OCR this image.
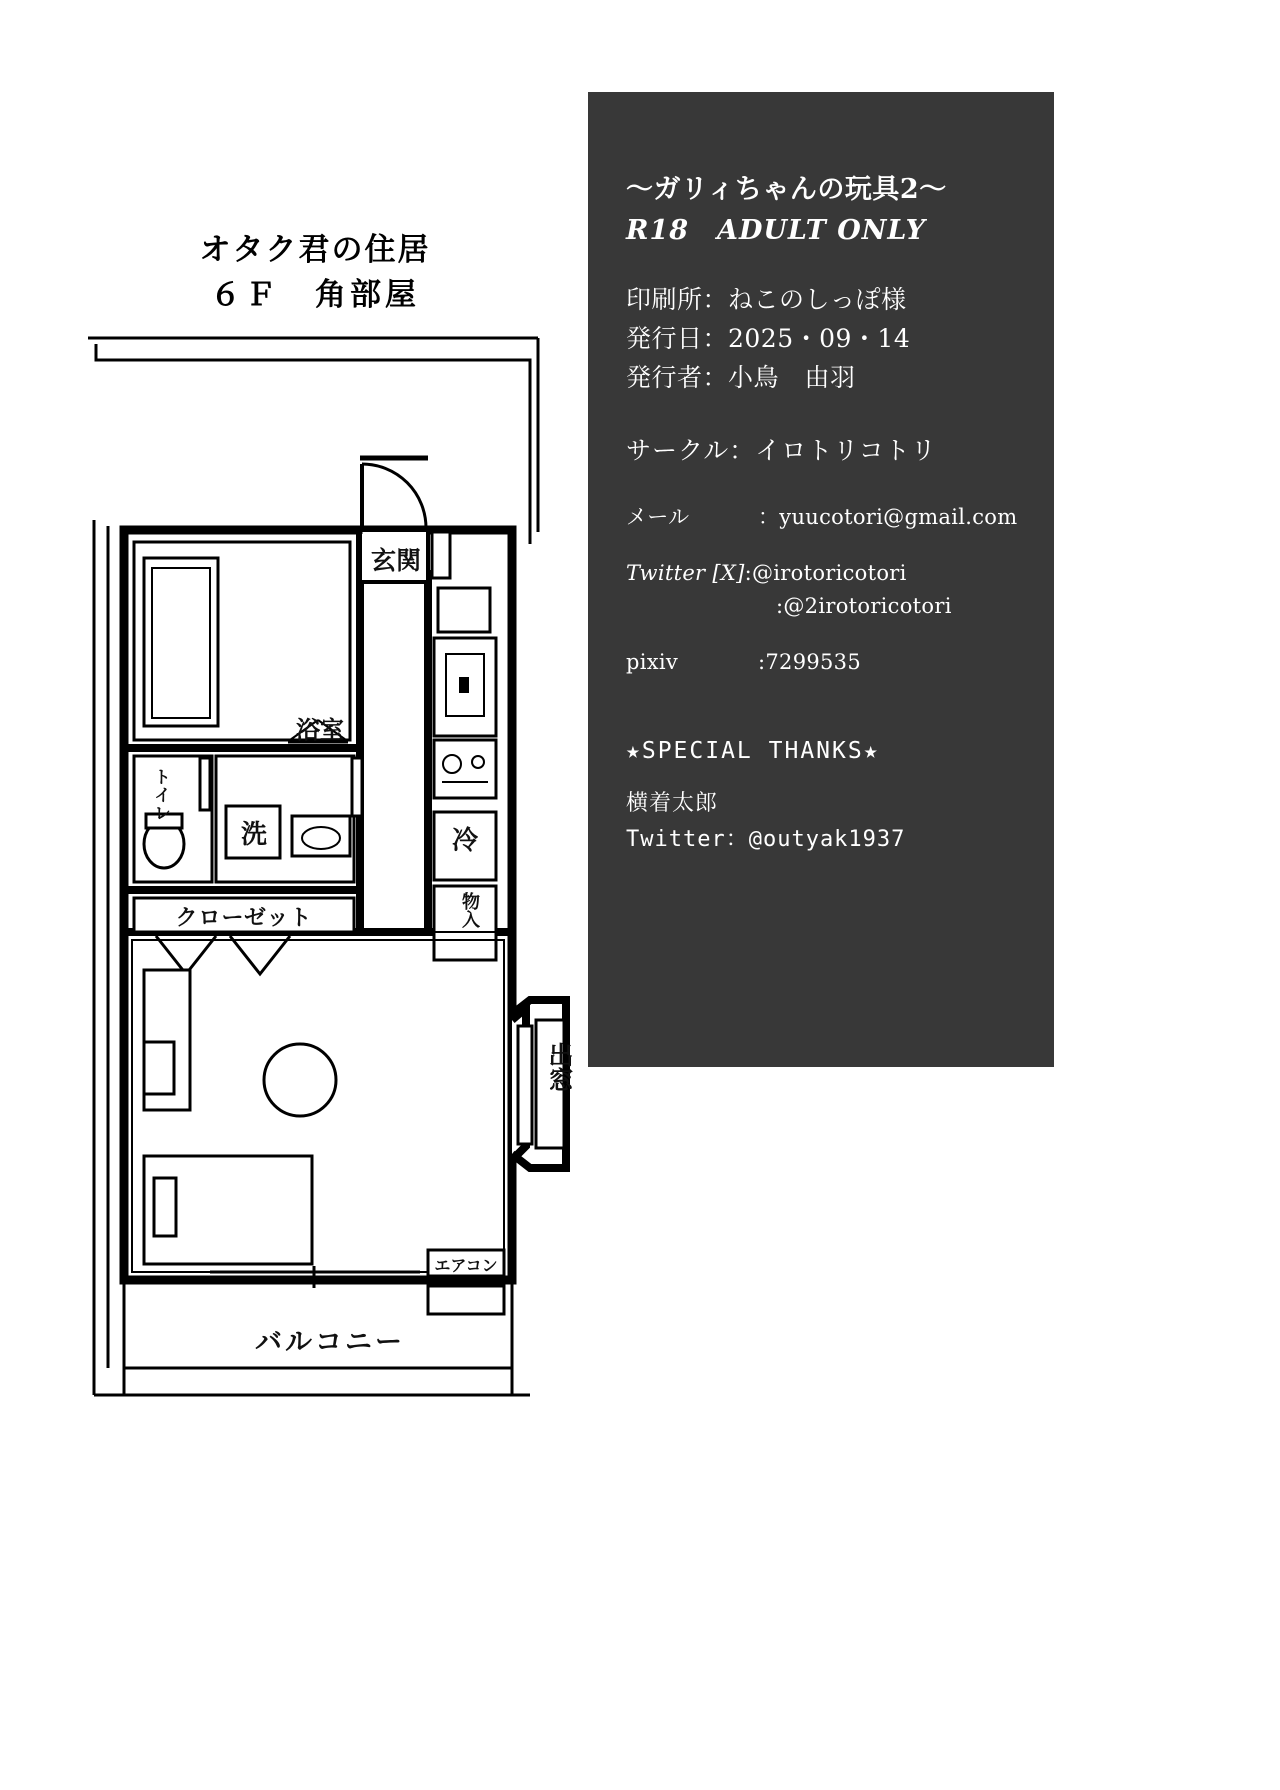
オタク君の住居
６Ｆ　角部屋
浴室
玄関
トイレ
洗	冷
物入
クローゼット
出窓
エアコン
バルコニー
〜ガリィちゃんの玩具2〜
R18　ADULT ONLY
印刷所：ねこのしっぽ様
発行日：2025・09・14
発行者：小鳥　由羽
サークル：イロトリコトリ
メール	：yuucotori@gmail.com
Twitter [X]:@irotoricotori
:@2irotoricotori
pixiv	:7299535
★SPECIAL THANKS★
横着太郎
Twitter：@outyak1937
